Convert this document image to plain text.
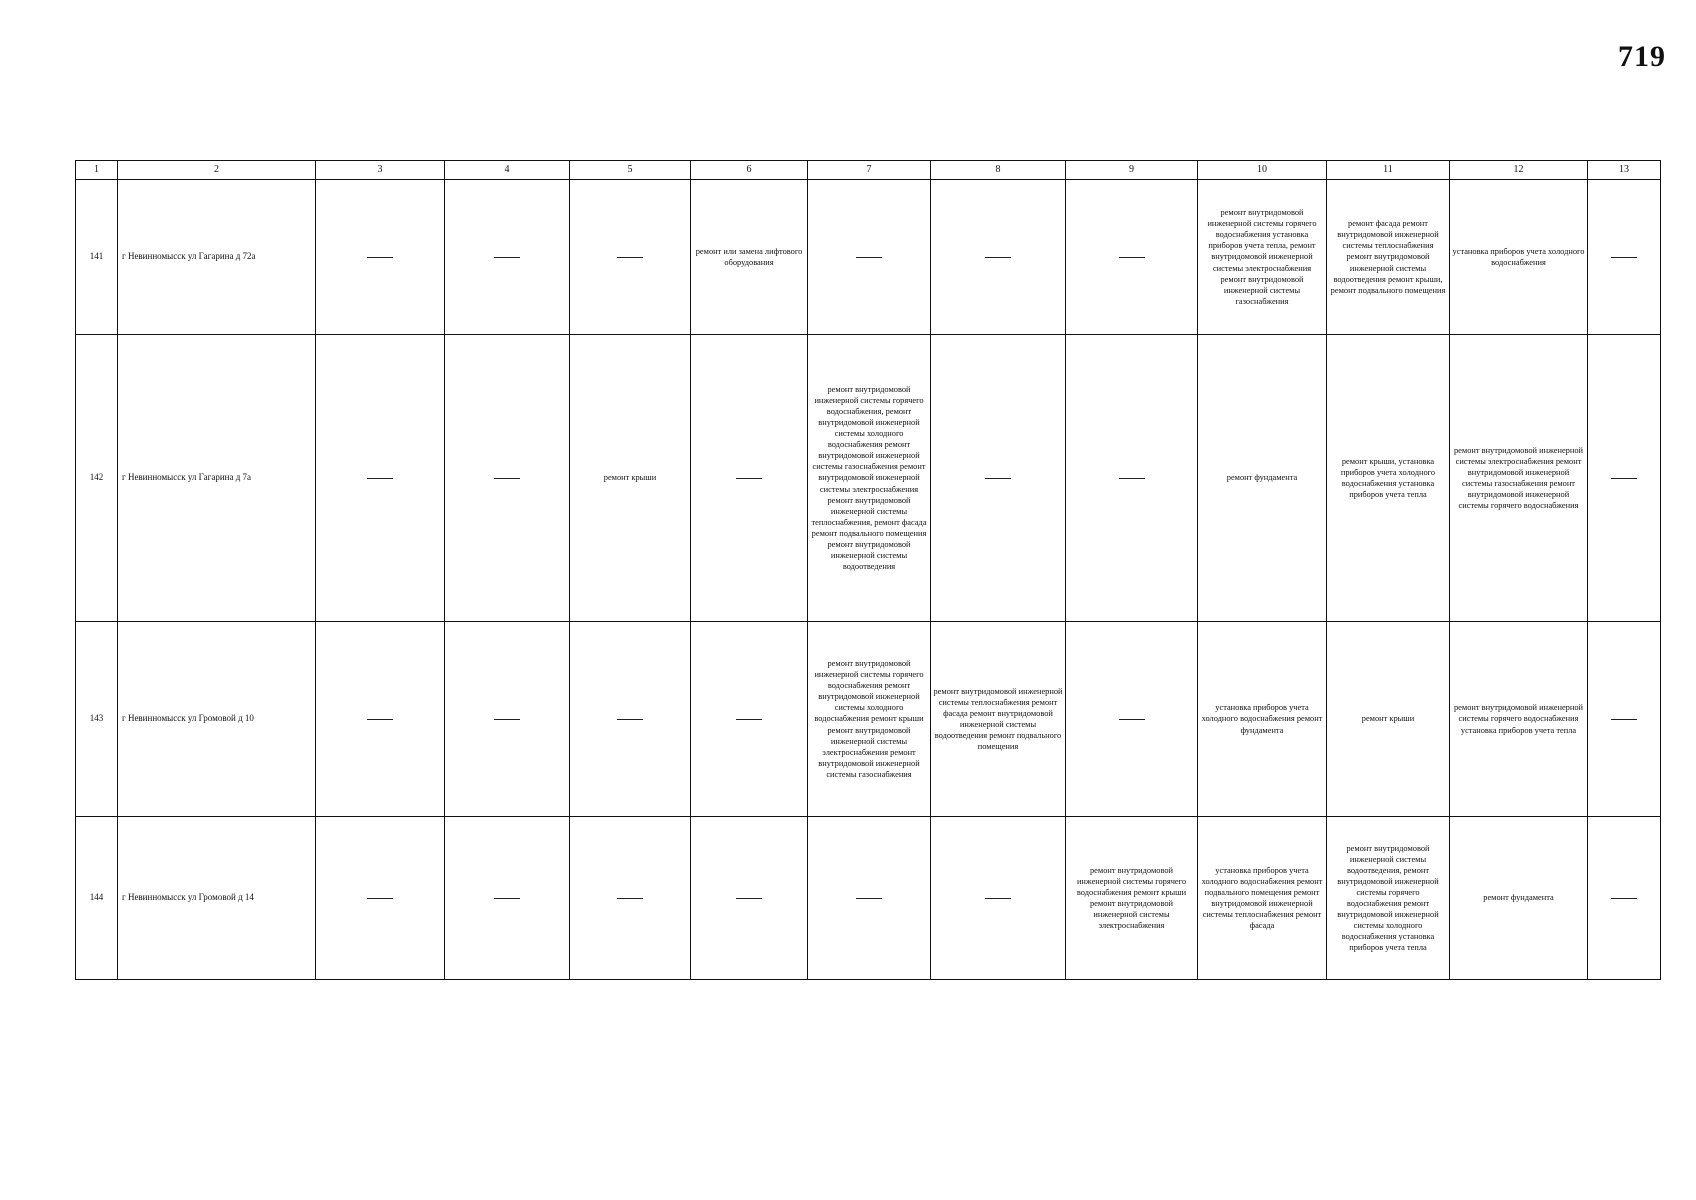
719
1	2	3	4	5	6	7	8	9	10	11	12	13
141	г Невинномысск ул Гагарина д 72а				ремонт или замена лифтового оборудования				ремонт внутридомовой инженерной системы горячего водоснабжения установка приборов учета тепла, ремонт внутридомовой инженерной системы электроснабжения ремонт внутридомовой инженерной системы газоснабжения	ремонт фасада ремонт внутридомовой инженерной системы теплоснабжения ремонт внутридомовой инженерной системы водоотведения ремонт крыши, ремонт подвального помещения	установка приборов учета холодного водоснабжения	
142	г Невинномысск ул Гагарина д 7а			ремонт крыши		ремонт внутридомовой инженерной системы горячего водоснабжения, ремонт внутридомовой инженерной системы холодного водоснабжения ремонт внутридомовой инженерной системы газоснабжения ремонт внутридомовой инженерной системы электроснабжения ремонт внутридомовой инженерной системы теплоснабжения, ремонт фасада ремонт подвального помещения ремонт внутридомовой инженерной системы водоотведения			ремонт фундамента	ремонт крыши, установка приборов учета холодного водоснабжения установка приборов учета тепла	ремонт внутридомовой инженерной системы электроснабжения ремонт внутридомовой инженерной системы газоснабжения ремонт внутридомовой инженерной системы горячего водоснабжения	
143	г Невинномысск ул Громовой д 10					ремонт внутридомовой инженерной системы горячего водоснабжения ремонт внутридомовой инженерной системы холодного водоснабжения ремонт крыши ремонт внутридомовой инженерной системы электроснабжения ремонт внутридомовой инженерной системы газоснабжения	ремонт внутридомовой инженерной системы теплоснабжения ремонт фасада ремонт внутридомовой инженерной системы водоотведения ремонт подвального помещения		установка приборов учета холодного водоснабжения ремонт фундамента	ремонт крыши	ремонт внутридомовой инженерной системы горячего водоснабжения установка приборов учета тепла	
144	г Невинномысск ул Громовой д 14							ремонт внутридомовой инженерной системы горячего водоснабжения ремонт крыши ремонт внутридомовой инженерной системы электроснабжения	установка приборов учета холодного водоснабжения ремонт подвального помещения ремонт внутридомовой инженерной системы теплоснабжения ремонт фасада	ремонт внутридомовой инженерной системы водоотведения, ремонт внутридомовой инженерной системы горячего водоснабжения ремонт внутридомовой инженерной системы холодного водоснабжения установка приборов учета тепла	ремонт фундамента	
